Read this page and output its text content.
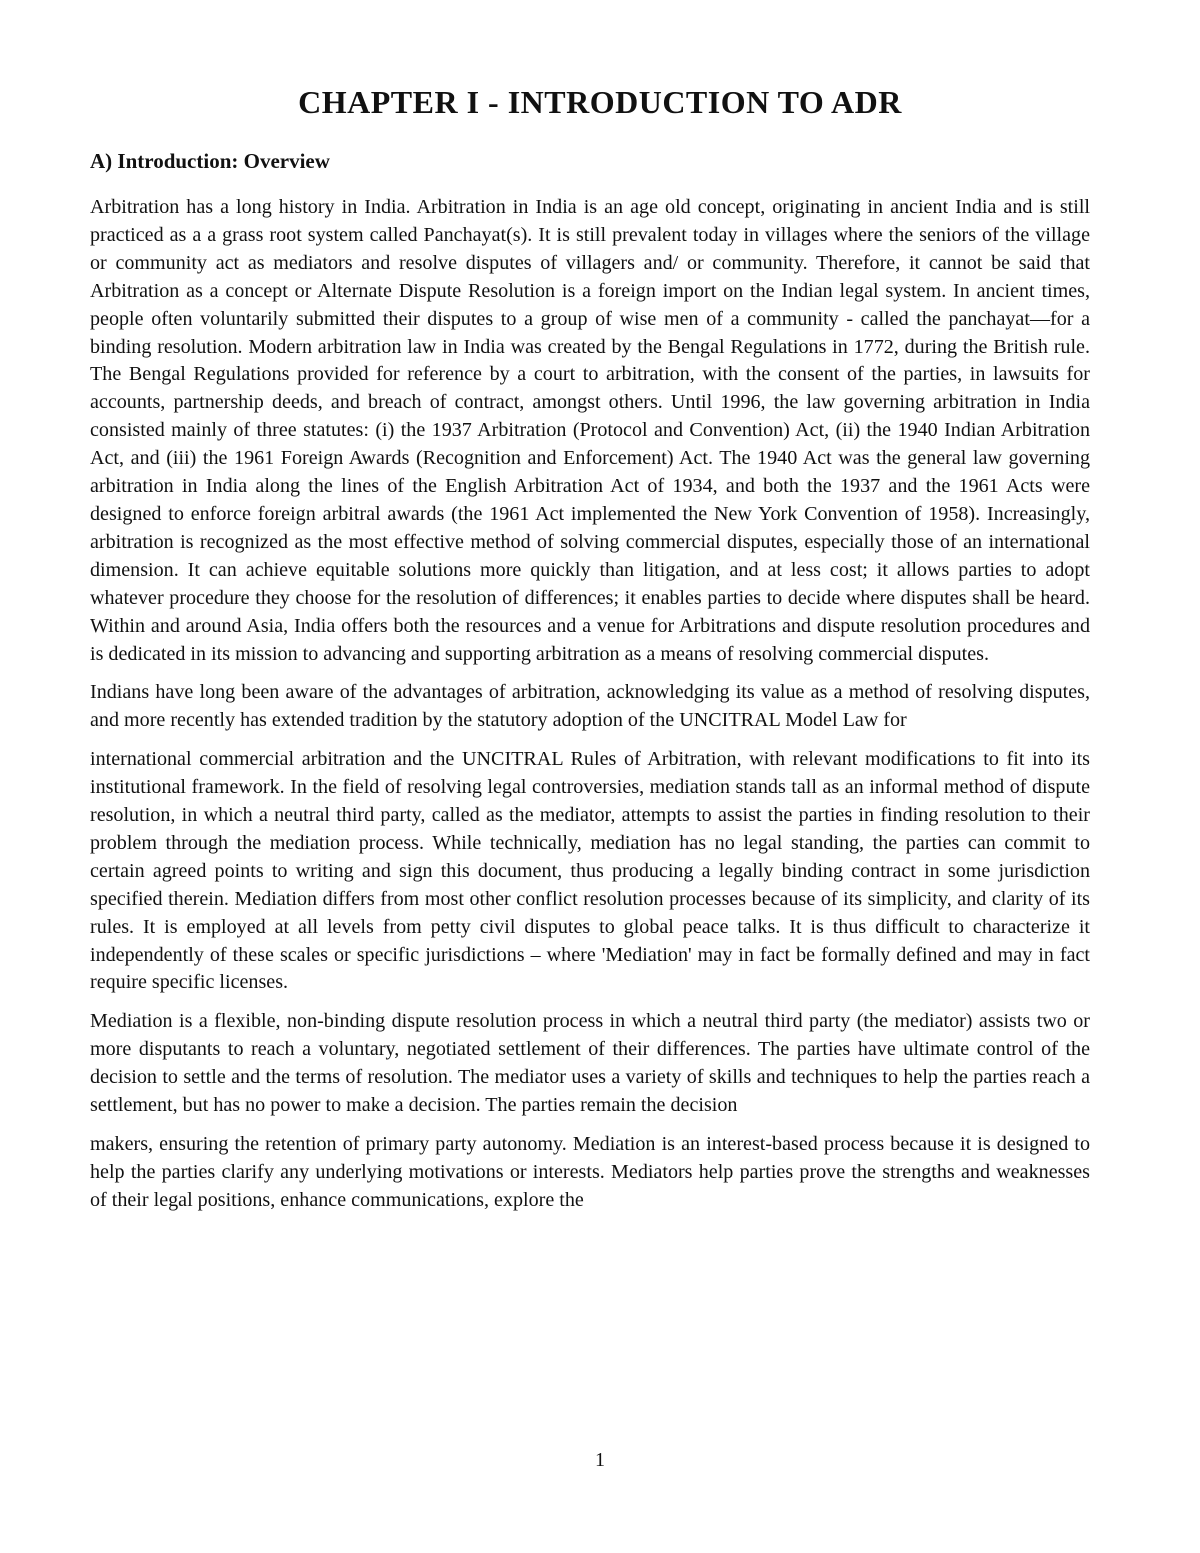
CHAPTER I - INTRODUCTION TO ADR
A) Introduction: Overview

Arbitration has a long history in India. Arbitration in India is an age old concept, originating in ancient India and is still practiced as a a grass root system called Panchayat(s). It is still prevalent today in villages where the seniors of the village or community act as mediators and resolve disputes of villagers and/ or community. Therefore, it cannot be said that Arbitration as a concept or Alternate Dispute Resolution is a foreign import on the Indian legal system. In ancient times, people often voluntarily submitted their disputes to a group of wise men of a community - called the panchayat—for a binding resolution. Modern arbitration law in India was created by the Bengal Regulations in 1772, during the British rule. The Bengal Regulations provided for reference by a court to arbitration, with the consent of the parties, in lawsuits for accounts, partnership deeds, and breach of contract, amongst others. Until 1996, the law governing arbitration in India consisted mainly of three statutes: (i) the 1937 Arbitration (Protocol and Convention) Act, (ii) the 1940 Indian Arbitration Act, and (iii) the 1961 Foreign Awards (Recognition and Enforcement) Act. The 1940 Act was the general law governing arbitration in India along the lines of the English Arbitration Act of 1934, and both the 1937 and the 1961 Acts were designed to enforce foreign arbitral awards (the 1961 Act implemented the New York Convention of 1958). Increasingly, arbitration is recognized as the most effective method of solving commercial disputes, especially those of an international dimension. It can achieve equitable solutions more quickly than litigation, and at less cost; it allows parties to adopt whatever procedure they choose for the resolution of differences; it enables parties to decide where disputes shall be heard. Within and around Asia, India offers both the resources and a venue for Arbitrations and dispute resolution procedures and is dedicated in its mission to advancing and supporting arbitration as a means of resolving commercial disputes.

Indians have long been aware of the advantages of arbitration, acknowledging its value as a method of resolving disputes, and more recently has extended tradition by the statutory adoption of the UNCITRAL Model Law for

international commercial arbitration and the UNCITRAL Rules of Arbitration, with relevant modifications to fit into its institutional framework. In the field of resolving legal controversies, mediation stands tall as an informal method of dispute resolution, in which a neutral third party, called as the mediator, attempts to assist the parties in finding resolution to their problem through the mediation process. While technically, mediation has no legal standing, the parties can commit to certain agreed points to writing and sign this document, thus producing a legally binding contract in some jurisdiction specified therein. Mediation differs from most other conflict resolution processes because of its simplicity, and clarity of its rules. It is employed at all levels from petty civil disputes to global peace talks. It is thus difficult to characterize it independently of these scales or specific jurisdictions – where 'Mediation' may in fact be formally defined and may in fact require specific licenses.

Mediation is a flexible, non-binding dispute resolution process in which a neutral third party (the mediator) assists two or more disputants to reach a voluntary, negotiated settlement of their differences. The parties have ultimate control of the decision to settle and the terms of resolution. The mediator uses a variety of skills and techniques to help the parties reach a settlement, but has no power to make a decision. The parties remain the decision

makers, ensuring the retention of primary party autonomy. Mediation is an interest-based process because it is designed to help the parties clarify any underlying motivations or interests. Mediators help parties prove the strengths and weaknesses of their legal positions, enhance communications, explore the

1
